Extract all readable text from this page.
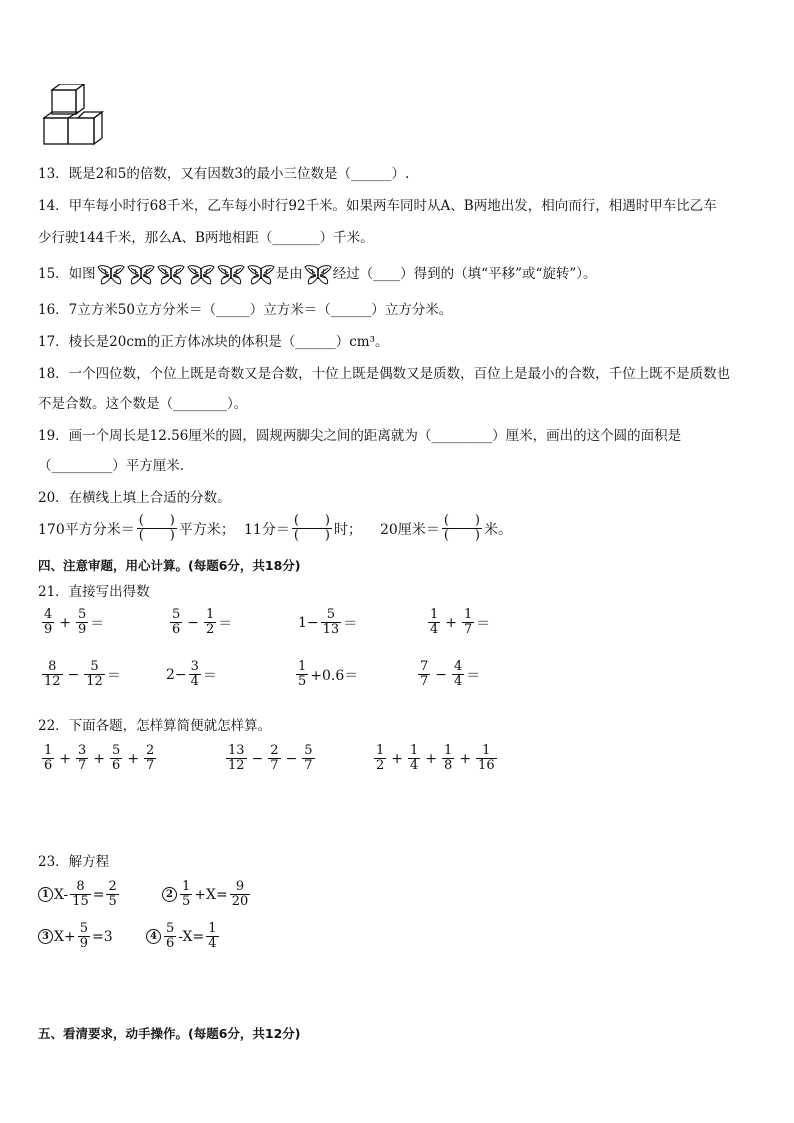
13．既是2和5的倍数，又有因数3的最小三位数是（______）.
14．甲车每小时行68千米，乙车每小时行92千米。如果两车同时从A、B两地出发，相向而行，相遇时甲车比乙车
少行驶144千米，那么A、B两地相距（_______）千米。
15．如图	是由 经过（____）得到的（填“平移”或“旋转”）。
16．7立方米50立方分米＝（_____）立方米＝（______）立方分米。
17．棱长是20cm的正方体冰块的体积是（______）cm³。
18．一个四位数，个位上既是奇数又是合数，十位上既是偶数又是质数，百位上是最小的合数，千位上既不是质数也
不是合数。这个数是（________）。
19．画一个周长是12.56厘米的圆，圆规两脚尖之间的距离就为（_________）厘米，画出的这个圆的面积是
（_________）平方厘米.
20．在横线上填上合适的分数。
170平方分米＝ $\frac{( )}{( )}$ 平方米； 11分＝ $\frac{( )}{( )}$ 时； 20厘米＝ $\frac{( )}{( )}$ 米。
四、注意审题，用心计算。(每题6分，共18分)
21．直接写出得数
$\frac{4}{9} + \frac{5}{9}$ ＝	$\frac{5}{6} - \frac{1}{2}$ ＝	$1- \frac{5}{13}$ ＝	$\frac{1}{4} + \frac{1}{7}$ ＝
$\frac{8}{12} - \frac{5}{12}$ ＝	$2- \frac{3}{4}$ ＝	$\frac{1}{5} +0.6=$	$\frac{7}{7} - \frac{4}{4}$ ＝
22．下面各题，怎样算简便就怎样算。
$\frac{1}{6} + \frac{3}{7} + \frac{5}{6} + \frac{2}{7}$	$\frac{13}{12} - \frac{2}{7} - \frac{5}{7}$	$\frac{1}{2} + \frac{1}{4} + \frac{1}{8} + \frac{1}{16}$
23．解方程
1 $X- \frac{8}{15} = \frac{2}{5}$	$2 \frac{1}{5} +X= \frac{9}{20}$
3 $X+ \frac{5}{9} =3$	$4 \frac{5}{6} -X= \frac{1}{4}$
五、看清要求，动手操作。(每题6分，共12分)
